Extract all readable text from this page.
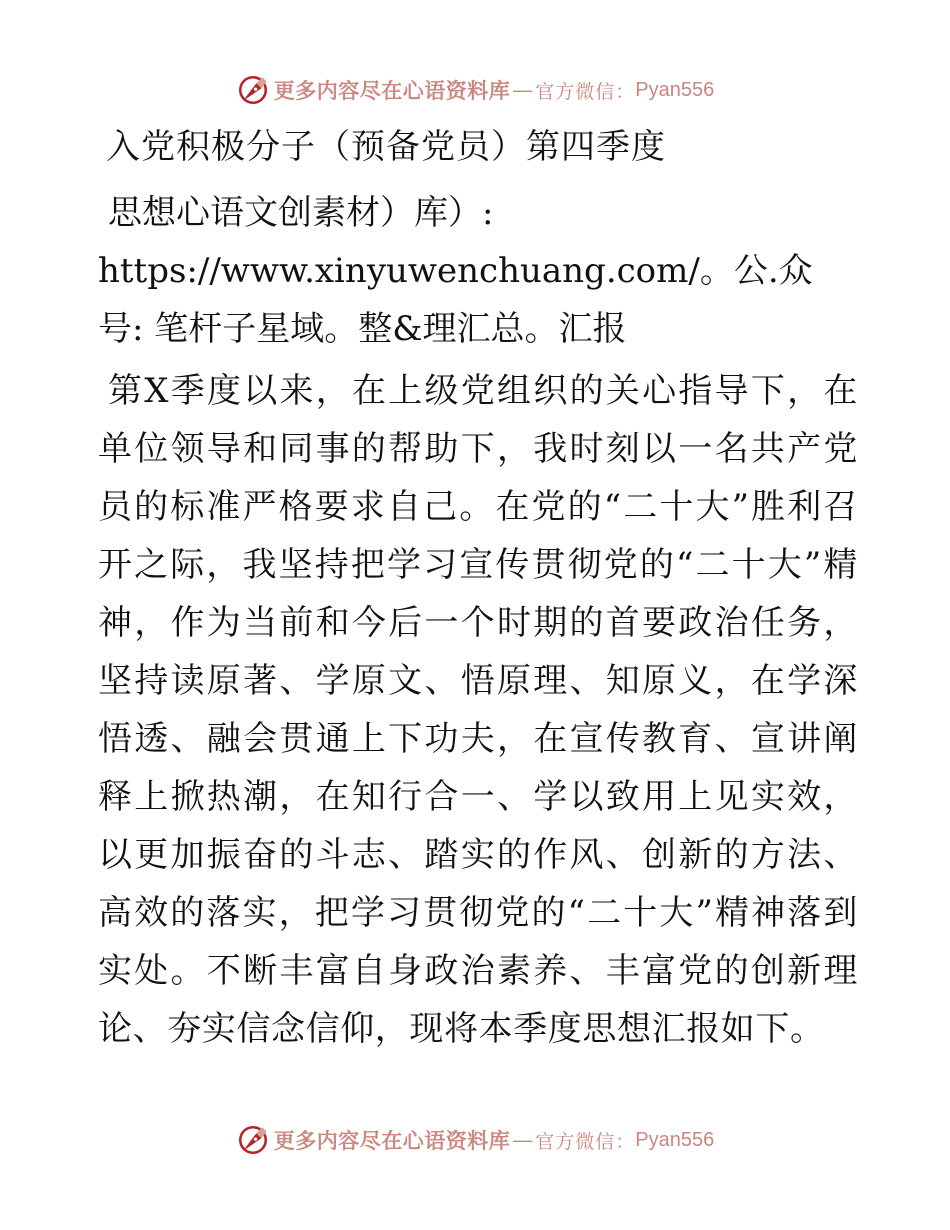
更多内容尽在心语资料库 — 官方微信： Pyan556

入党积极分子（预备党员）第四季度

思想心语文创素材）库）: https://www.xinyuwenchuang.com/。公.众号: 笔杆子星域。整&理汇总。汇报

第X季度以来，在上级党组织的关心指导下，在单位领导和同事的帮助下，我时刻以一名共产党员的标准严格要求自己。在党的“二十大”胜利召开之际，我坚持把学习宣传贯彻党的“二十大”精神，作为当前和今后一个时期的首要政治任务，坚持读原著、学原文、悟原理、知原义，在学深悟透、融会贯通上下功夫，在宣传教育、宣讲阐释上掀热潮，在知行合一、学以致用上见实效，以更加振奋的斗志、踏实的作风、创新的方法、高效的落实，把学习贯彻党的“二十大”精神落到实处。不断丰富自身政治素养、丰富党的创新理论、夯实信念信仰，现将本季度思想汇报如下。

更多内容尽在心语资料库 — 官方微信： Pyan556
